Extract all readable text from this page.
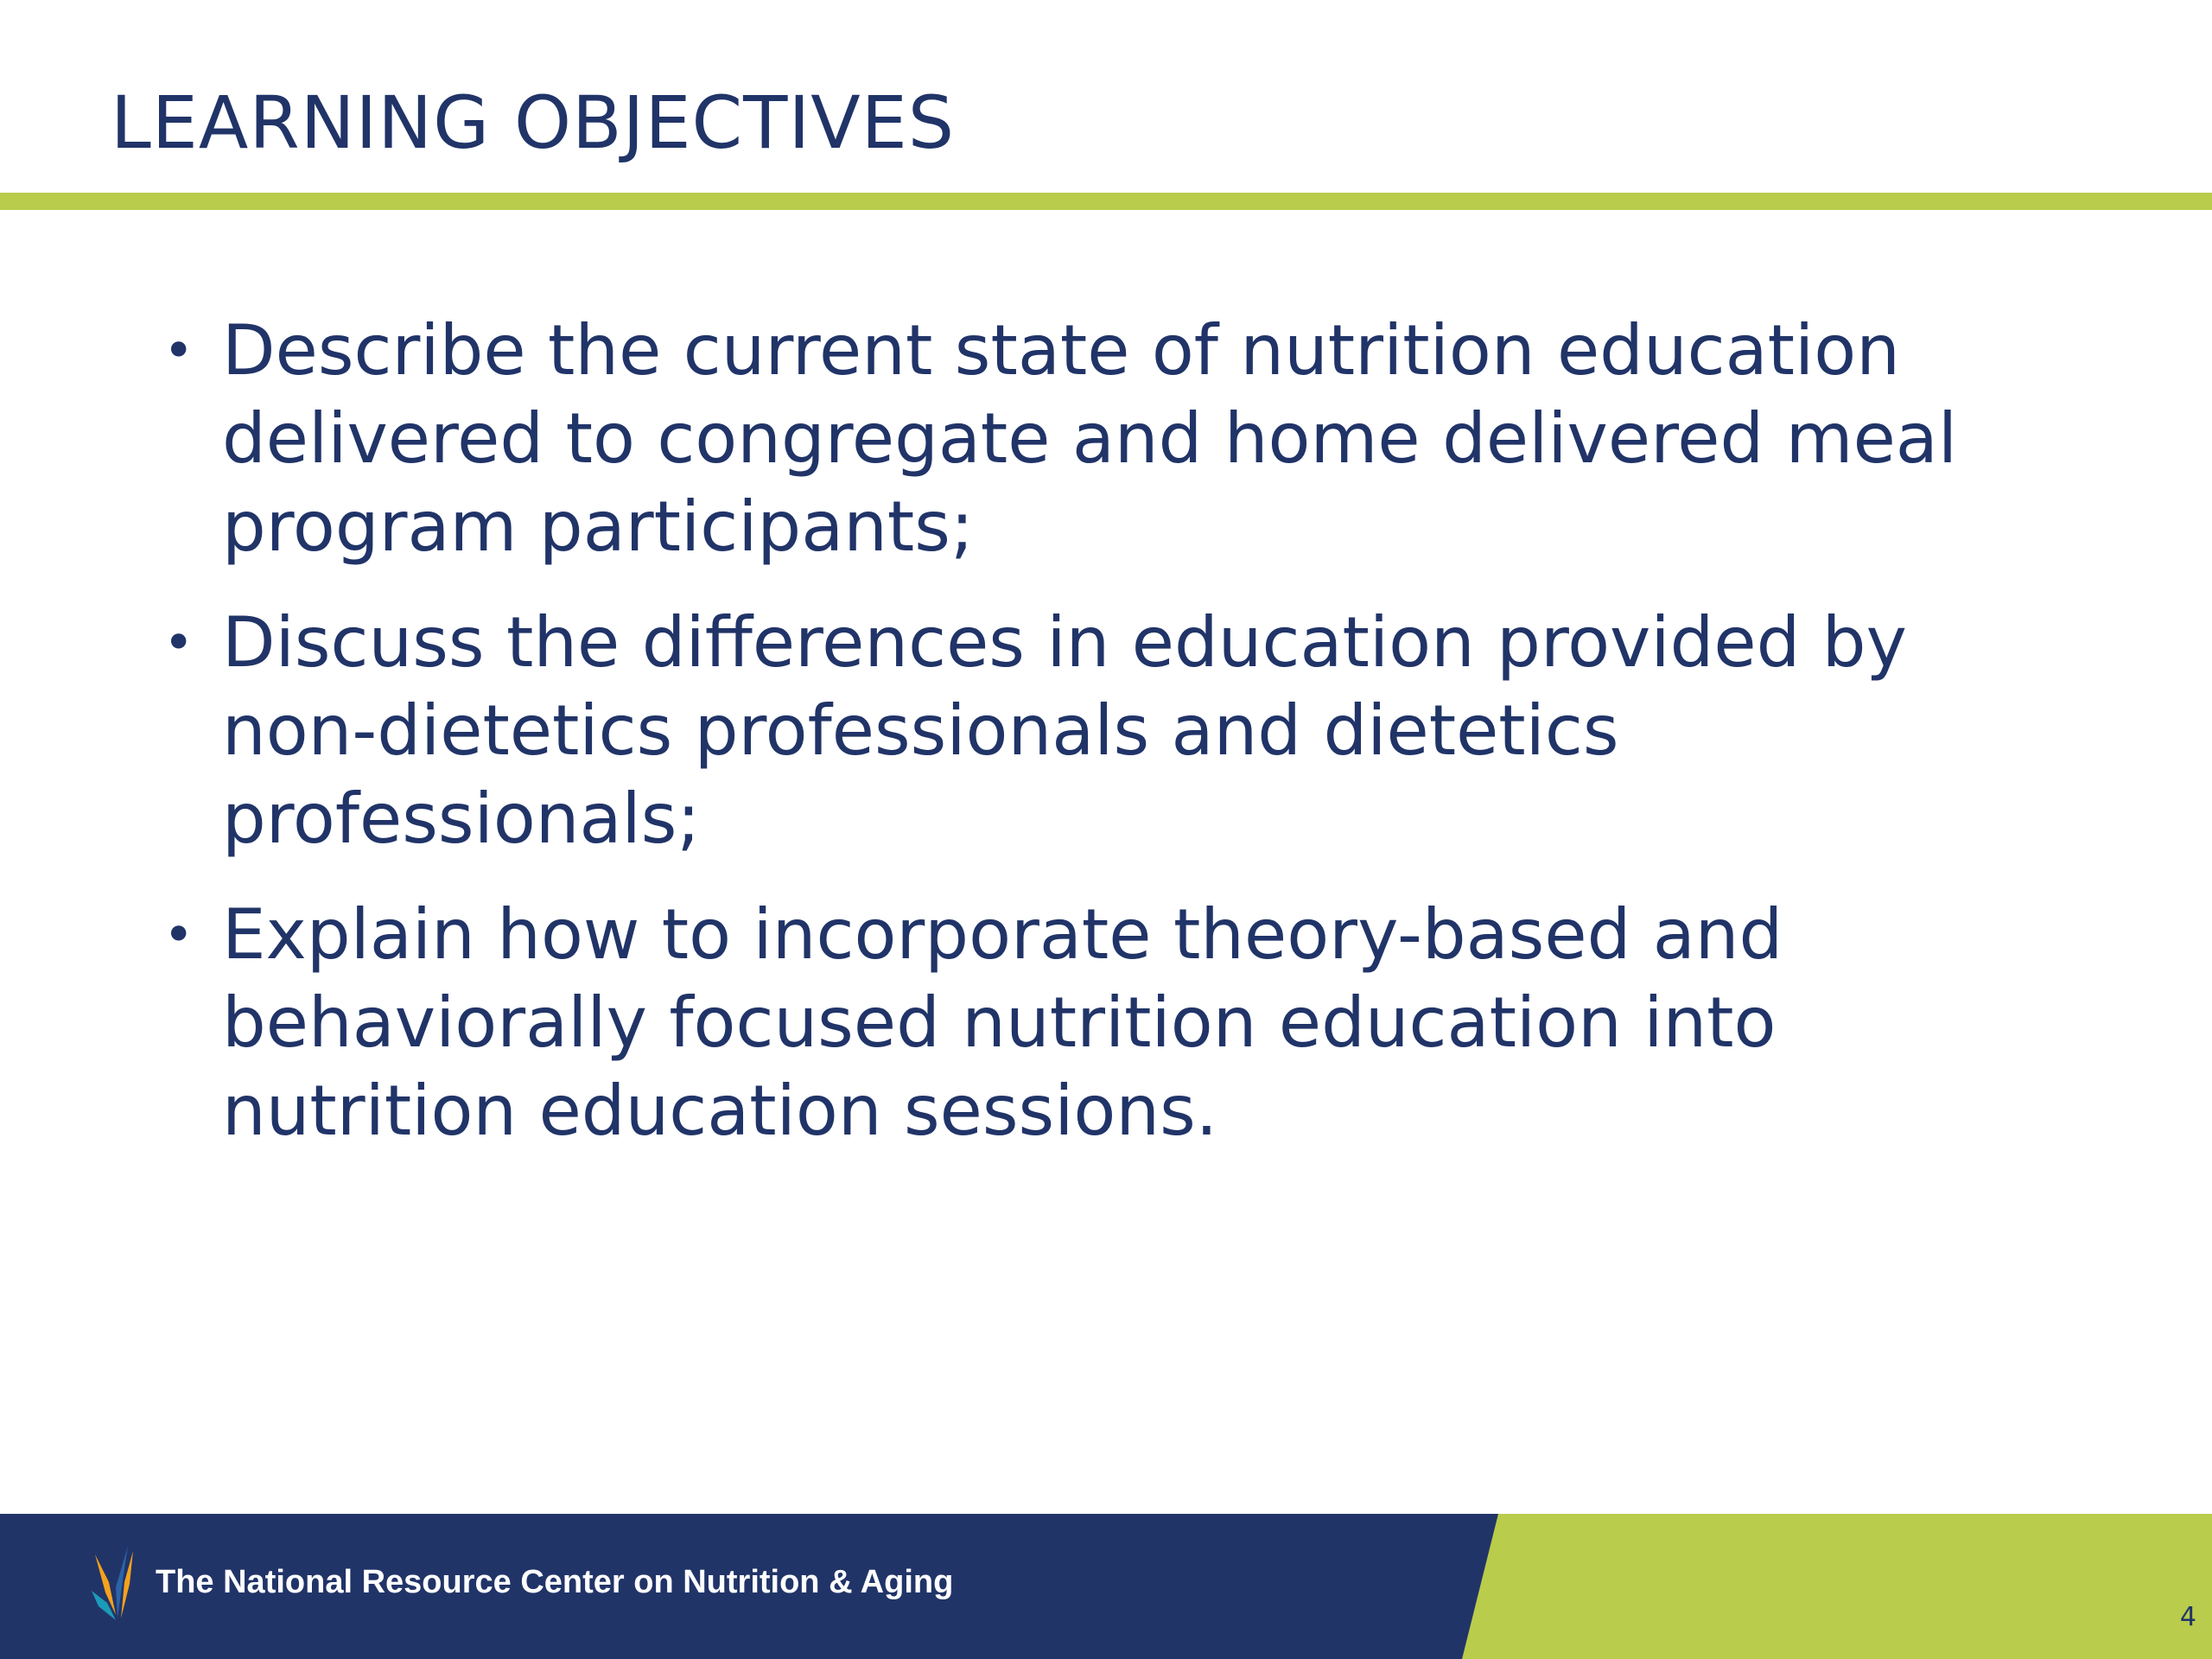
LEARNING OBJECTIVES
• Describe the current state of nutrition education delivered to congregate and home delivered meal program participants;
• Discuss the differences in education provided by non-dietetics professionals and dietetics professionals;
• Explain how to incorporate theory-based and behaviorally focused nutrition education into nutrition education sessions.
The National Resource Center on Nutrition & Aging
4
